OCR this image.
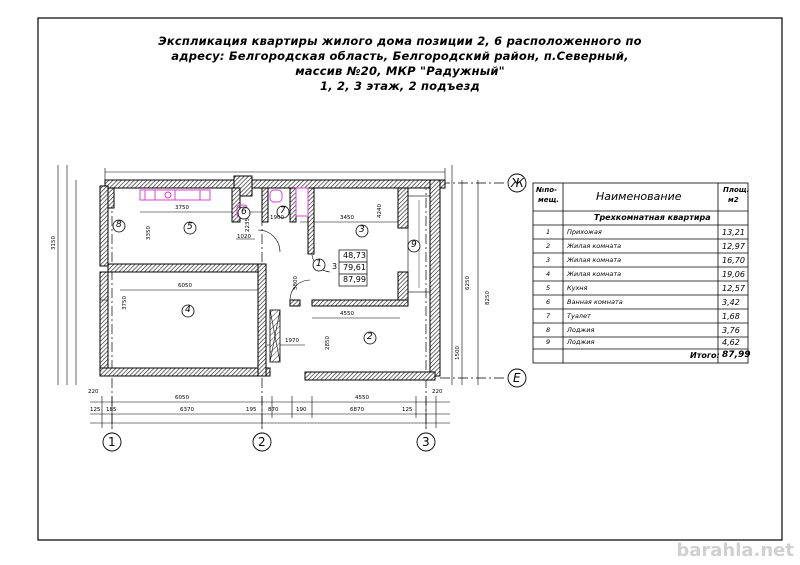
Экспликация квартиры жилого дома позиции 2, 6 расположенного по
адресу: Белгородская область, Белгородский район, п.Северный,
массив №20, МКР "Радужный"
1, 2, 3 этаж, 2 подъезд
1	2	3
Ж
Е
8	5
6	7
3
1
9
4
2
3
48,73
79,61
87,99
3750
3450
1900
1020
6050
4550
1970
6050	4550
6370	6870
870	190
220	220
125	125
185	195
8250
6250
4240
3350
2235
3750
3150
5800
2850
1500
№по-
мещ.	Наименование	Площ.
м2
Трехкомнатная квартира
1	Прихожая	13,21
2	Жилая комната	12,97
3	Жилая комната	16,70
4	Жилая комната	19,06
5	Кухня	12,57
6	Ванная комната	3,42
7	Туалет	1,68
8	Лоджия	3,76
9	Лоджия	4,62
Итого: 87,99
barahla.net
